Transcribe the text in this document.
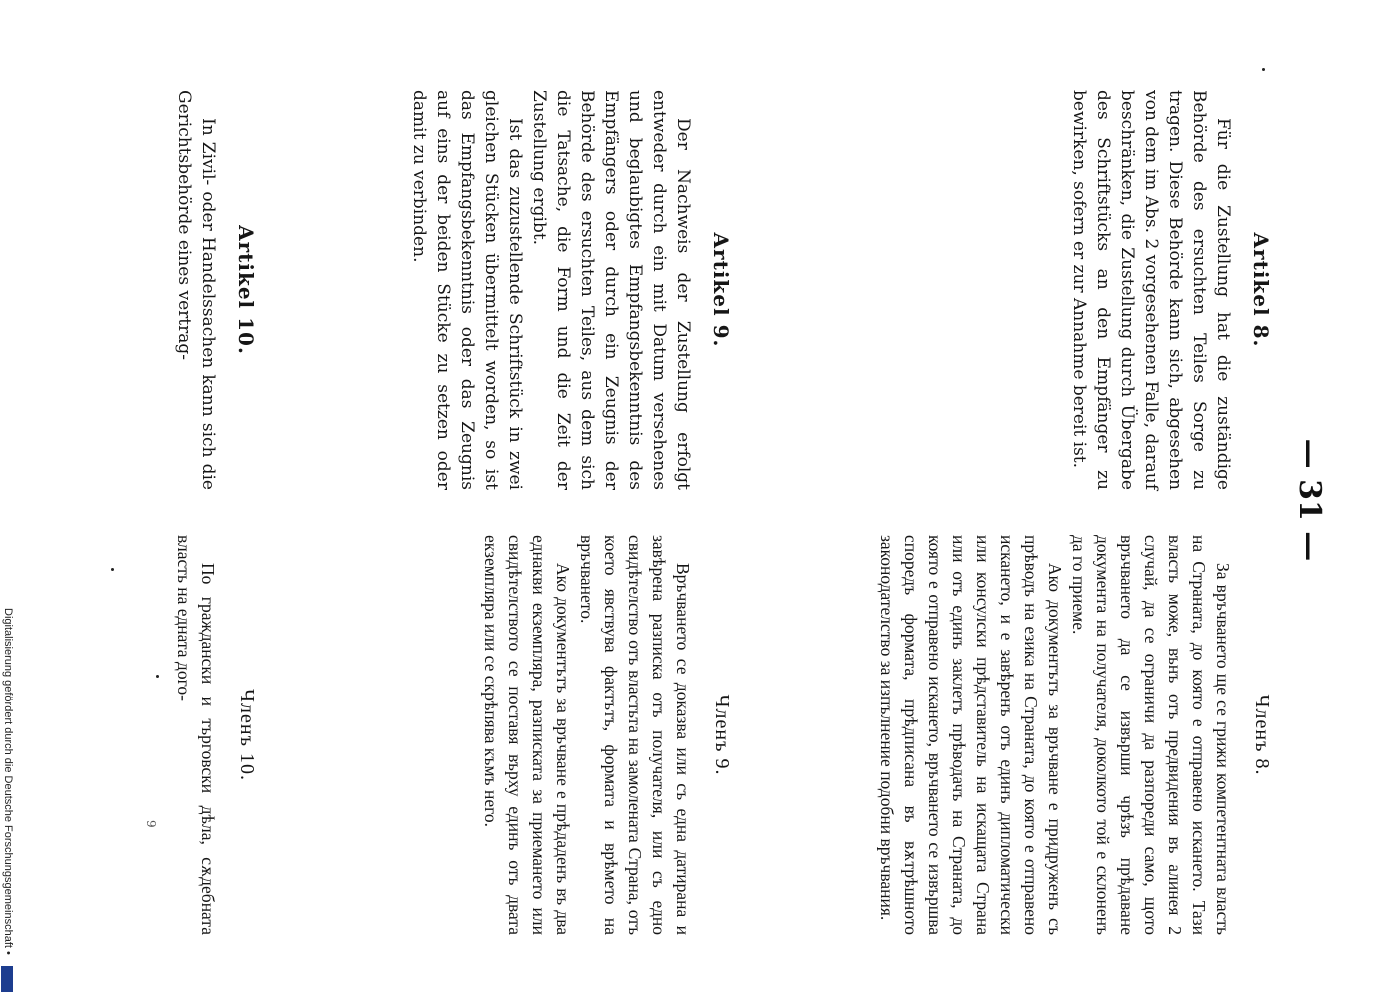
— 31 —
Artikel 8.
Членъ 8.

Für die Zustellung hat die zuständige Behörde des ersuchten Teiles Sorge zu tragen. Diese Behörde kann sich, abgesehen von dem im Abs. 2 vorgesehenen Falle, darauf beschränken, die Zustellung durch Übergabe des Schriftstücks an den Empfänger zu bewirken, sofern er zur Annahme bereit ist.

За връчването ще се грижи компетентната власть на Страната, до която е отправено искането. Тази власть може, вънъ отъ предвидения въ алинея 2 случай, да се ограничи да разпореди само, щото връчването да се извърши чрѣзъ прѣдаване документа на получателя, доколкото той е склоненъ да го приеме.

Ако документътъ за връчване е придруженъ съ прѣводъ на езика на Страната, до която е отправено искането, и е завѣренъ отъ единъ дипломатически или консулски прѣдставитель на искащата Страна или отъ единъ заклетъ прѣводачъ на Страната, до която е отправено искането, връчването се извършва споредъ формата, прѣдписана въ вѫтрѣшното законодателство за изпълнение подобни връчвания.

Artikel 9.
Членъ 9.

Der Nachweis der Zustellung erfolgt entweder durch ein mit Datum versehenes und beglaubigtes Empfangsbekenntnis des Empfängers oder durch ein Zeugnis der Behörde des ersuchten Teiles, aus dem sich die Tatsache, die Form und die Zeit der Zustellung ergibt.

Ist das zuzustellende Schriftstück in zwei gleichen Stücken übermittelt worden, so ist das Empfangsbekenntnis oder das Zeugnis auf eins der beiden Stücke zu setzen oder damit zu verbinden.

Връчването се доказва или съ една датирана и завѣрена разписка отъ получателя, или съ едно свидѣтелство отъ властьта на замолената Страна, отъ което явствува фактътъ, формата и врѣмето на връчването.

Ако документътъ за връчване е прѣдаденъ въ два еднакви екземпляра, разписката за приемането или свидѣтелството се поставя върху единъ отъ двата екземпляра или се скрѣпява къмъ него.

Artikel 10.
Членъ 10.

In Zivil- oder Handelssachen kann sich die Gerichtsbehörde eines vertrag-

По граждански и търговски дѣла, сѫдебната власть на едната дого-

9
Digitalisierung gefördert durch die Deutsche Forschungsgemeinschaft •
